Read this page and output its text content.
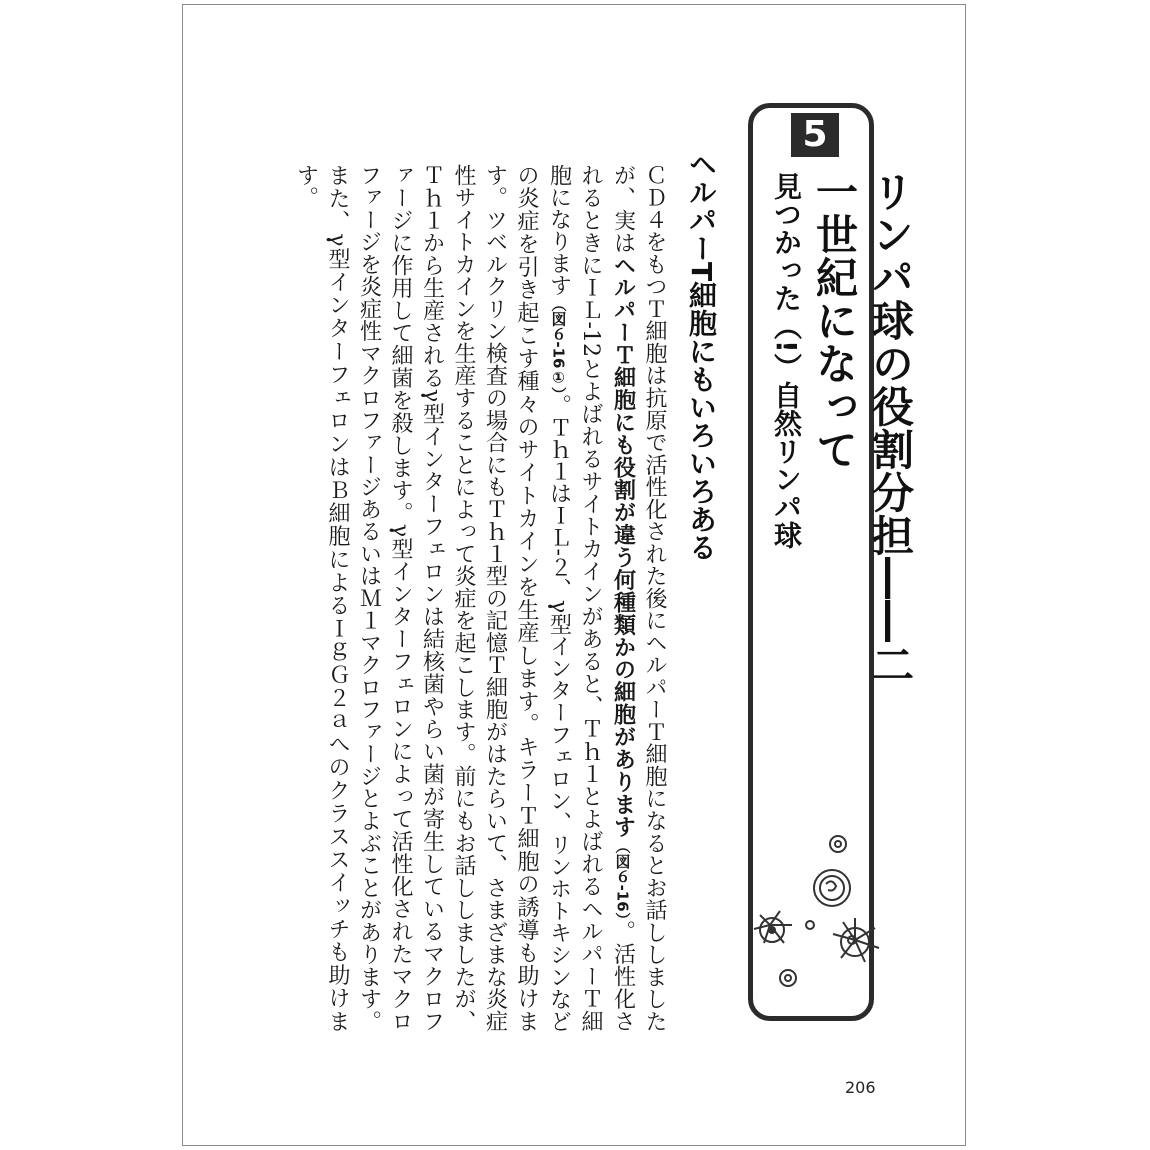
5
リンパ球の役割分担――二一世紀になって
見つかった（!）自然リンパ球
ヘルパーT細胞にもいろいろある
ＣＤ４をもつＴ細胞は抗原で活性化された後にヘルパーＴ細胞になるとお話ししましたが、実はヘルパーＴ細胞にも役割が違う何種類かの細胞があります（図６-16）。活性化されるときにＩＬ-12とよばれるサイトカインがあると、Ｔｈ１とよばれるヘルパーＴ細胞になります（図６-16①）。Ｔｈ１はＩＬ-２、γ型インターフェロン、リンホトキシンなどの炎症を引き起こす種々のサイトカインを生産します。キラーＴ細胞の誘導も助けます。ツベルクリン検査の場合にもＴｈ１型の記憶Ｔ細胞がはたらいて、さまざまな炎症性サイトカインを生産することによって炎症を起こします。前にもお話ししましたが、Ｔｈ１から生産されるγ型インターフェロンは結核菌やらい菌が寄生しているマクロファージに作用して細菌を殺します。γ型インターフェロンによって活性化されたマクロファージを炎症性マクロファージあるいはＭ１マクロファージとよぶことがあります。また、γ型インターフェロンはＢ細胞によるＩｇＧ２ａへのクラススイッチも助けます。
206
